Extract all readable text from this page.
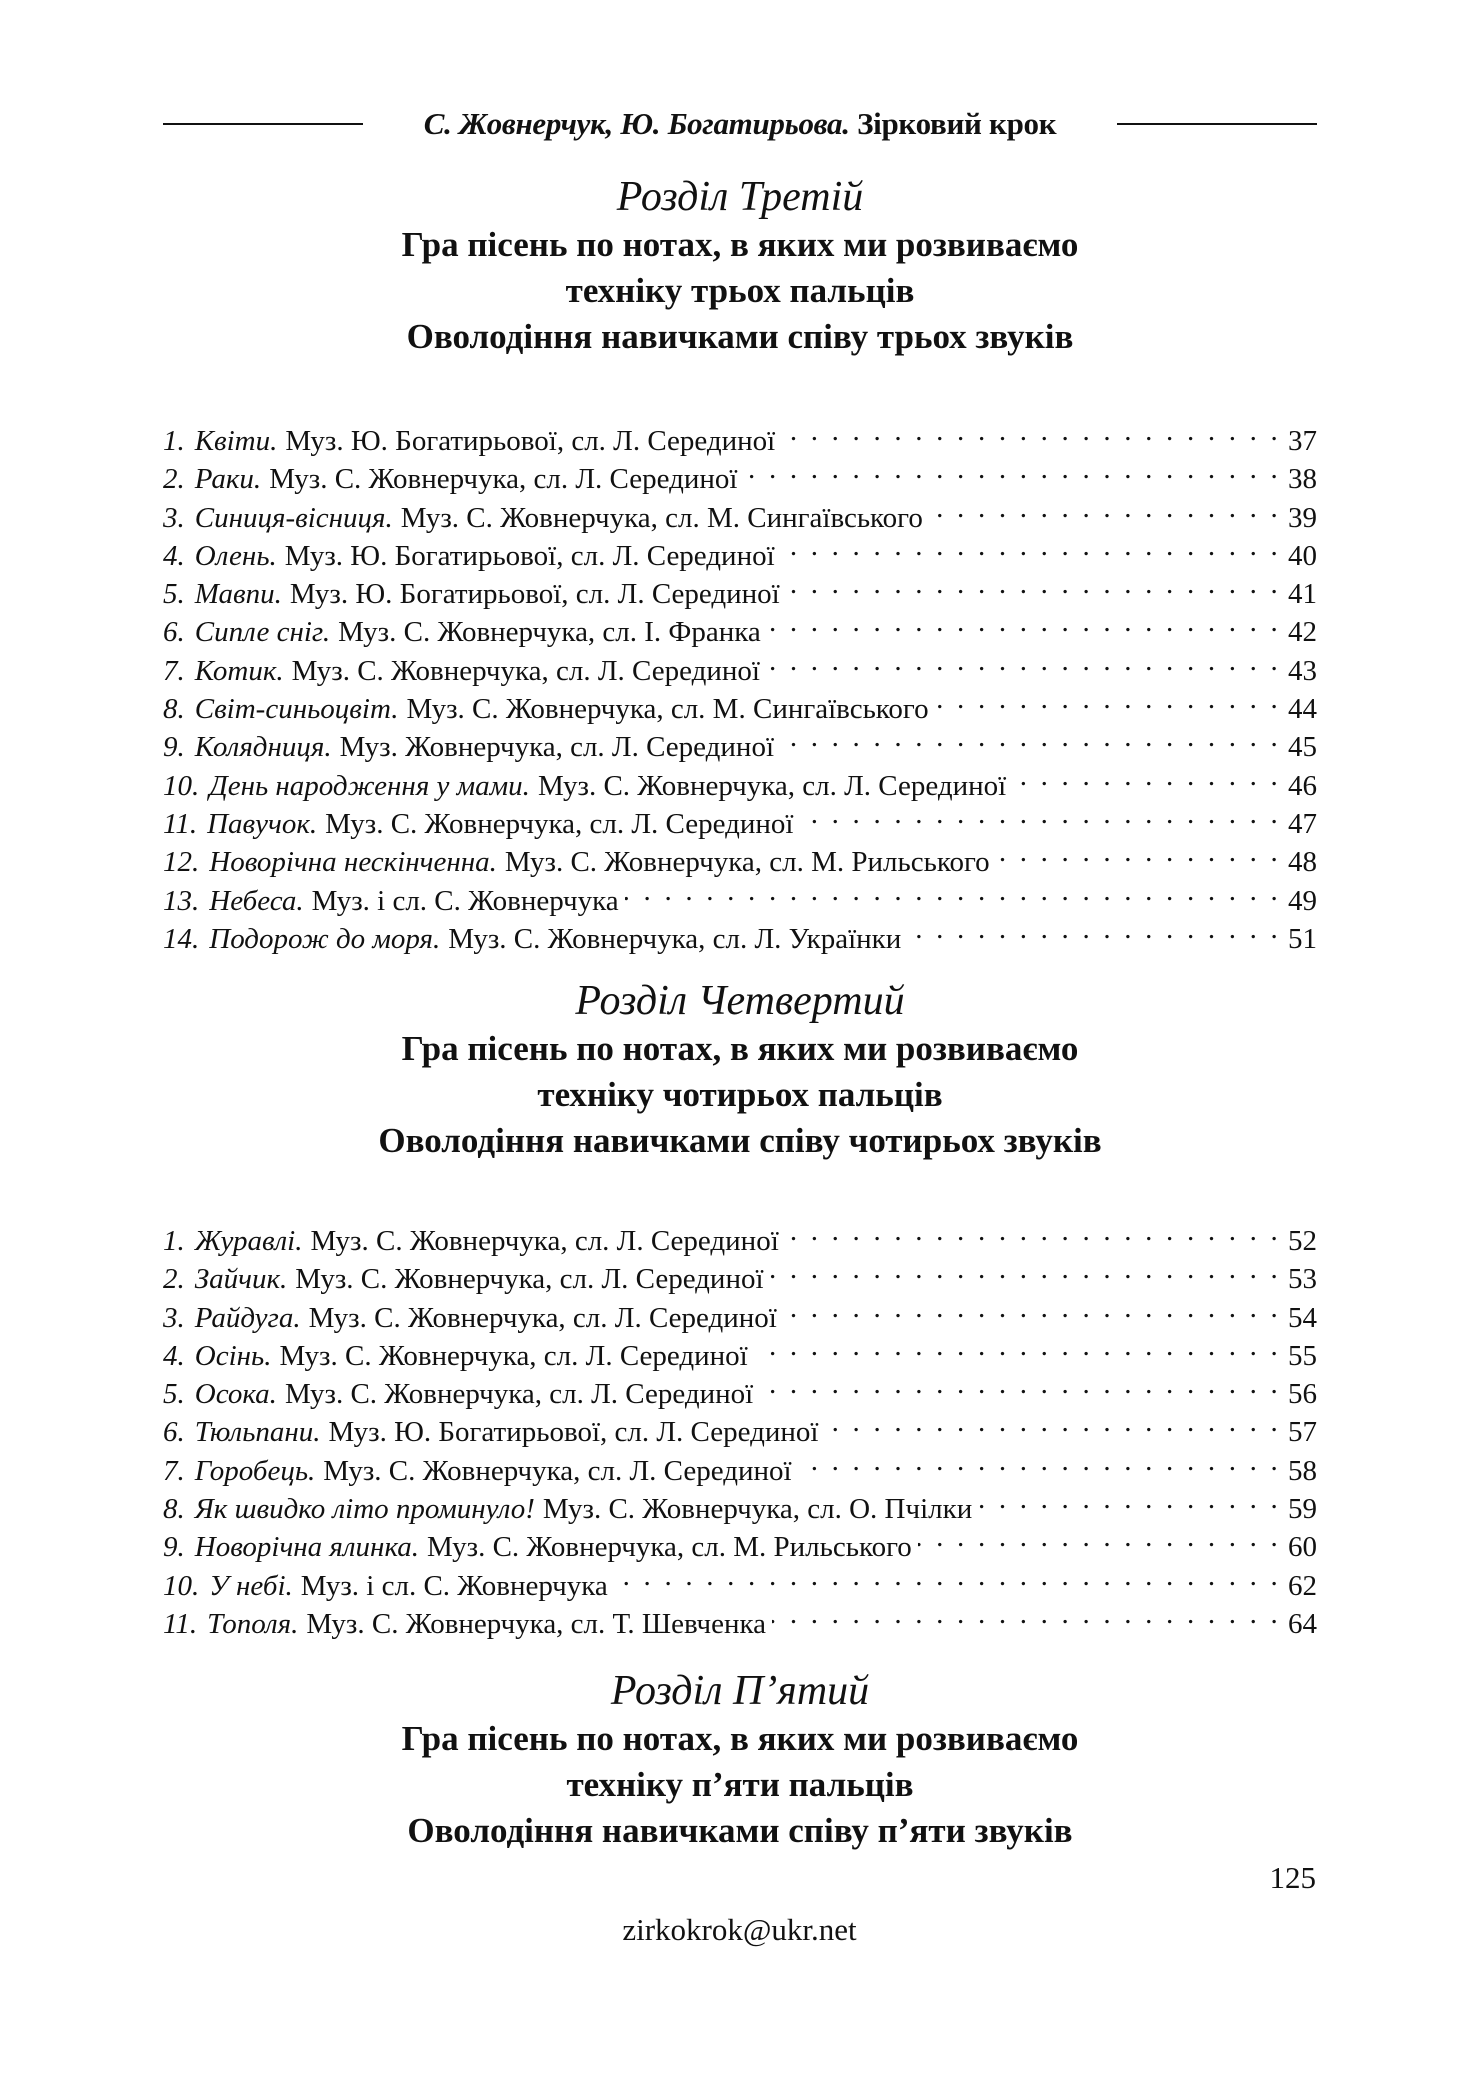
С. Жовнерчук, Ю. Богатирьова. Зірковий крок
Розділ Третій

Гра пісень по нотах, в яких ми розвиваємо

техніку трьох пальців

Оволодіння навичками співу трьох звуків

1. Квіти. Муз. Ю. Богатирьової, сл. Л. Серединої . . .	37
2. Раки. Муз. С. Жовнерчука, сл. Л. Серединої . . .	38
3. Синиця-вісниця. Муз. С. Жовнерчука, сл. М. Сингаївського . . .	39
4. Олень. Муз. Ю. Богатирьової, сл. Л. Серединої . . .	40
5. Мавпи. Муз. Ю. Богатирьової, сл. Л. Серединої . . .	41
6. Сипле сніг. Муз. С. Жовнерчука, сл. І. Франка . . .	42
7. Котик. Муз. С. Жовнерчука, сл. Л. Серединої . . .	43
8. Світ-синьоцвіт. Муз. С. Жовнерчука, сл. М. Сингаївського . . .	44
9. Колядниця. Муз. Жовнерчука, сл. Л. Серединої . . .	45
10. День народження у мами. Муз. С. Жовнерчука, сл. Л. Серединої . . .	46
11. Павучок. Муз. С. Жовнерчука, сл. Л. Серединої . . .	47
12. Новорічна нескінченна. Муз. С. Жовнерчука, сл. М. Рильського . . .	48
13. Небеса. Муз. і сл. С. Жовнерчука . . .	49
14. Подорож до моря. Муз. С. Жовнерчука, сл. Л. Українки . . .	51
Розділ Четвертий

Гра пісень по нотах, в яких ми розвиваємо

техніку чотирьох пальців

Оволодіння навичками співу чотирьох звуків

1. Журавлі. Муз. С. Жовнерчука, сл. Л. Серединої . . .	52
2. Зайчик. Муз. С. Жовнерчука, сл. Л. Серединої . . .	53
3. Райдуга. Муз. С. Жовнерчука, сл. Л. Серединої . . .	54
4. Осінь. Муз. С. Жовнерчука, сл. Л. Серединої . . .	55
5. Осока. Муз. С. Жовнерчука, сл. Л. Серединої . . .	56
6. Тюльпани. Муз. Ю. Богатирьової, сл. Л. Серединої . . .	57
7. Горобець. Муз. С. Жовнерчука, сл. Л. Серединої . . .	58
8. Як швидко літо проминуло! Муз. С. Жовнерчука, сл. О. Пчілки . . .	59
9. Новорічна ялинка. Муз. С. Жовнерчука, сл. М. Рильського . . .	60
10. У небі. Муз. і сл. С. Жовнерчука . . .	62
11. Тополя. Муз. С. Жовнерчука, сл. Т. Шевченка . . .	64
Розділ П’ятий

Гра пісень по нотах, в яких ми розвиваємо

техніку п’яти пальців

Оволодіння навичками співу п’яти звуків

125
zirkokrok@ukr.net
